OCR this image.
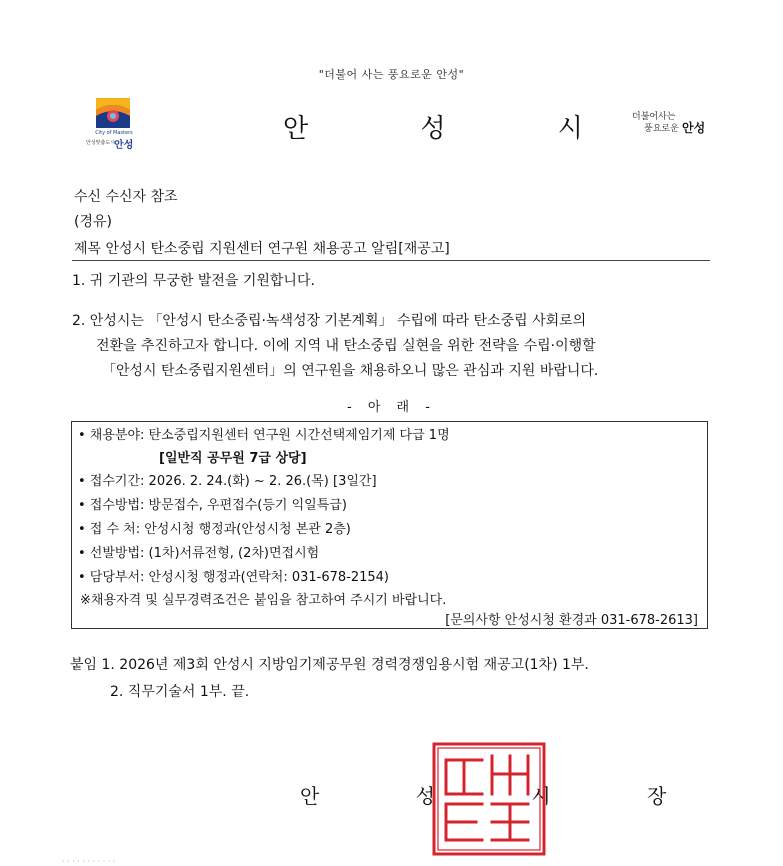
"더불어 사는 풍요로운 안성"
City of Masters
안성맞춤도시 안성
안 성 시
더불어사는
풍요로운 안성
수신 수신자 참조
(경유)
제목 안성시 탄소중립 지원센터 연구원 채용공고 알림[재공고]
1. 귀 기관의 무궁한 발전을 기원합니다.
2. 안성시는 「안성시 탄소중립·녹색성장 기본계획」 수립에 따라 탄소중립 사회로의
전환을 추진하고자 합니다. 이에 지역 내 탄소중립 실현을 위한 전략을 수립·이행할
「안성시 탄소중립지원센터」의 연구원을 채용하오니 많은 관심과 지원 바랍니다.
- 아 래 -
• 채용분야: 탄소중립지원센터 연구원 시간선택제임기제 다급 1명
[일반직 공무원 7급 상당]
• 접수기간: 2026. 2. 24.(화) ~ 2. 26.(목) [3일간]
• 접수방법: 방문접수, 우편접수(등기 익일특급)
• 접 수 처: 안성시청 행정과(안성시청 본관 2층)
• 선발방법: (1차)서류전형, (2차)면접시험
• 담당부서: 안성시청 행정과(연락처: 031-678-2154)
※채용자격 및 실무경력조건은 붙임을 참고하여 주시기 바랍니다.
[문의사항 안성시청 환경과 031-678-2613]
붙임 1. 2026년 제3회 안성시 지방임기제공무원 경력경쟁임용시험 재공고(1차) 1부.
2. 직무기술서 1부. 끝.
안 성 시 장
· · · · · · · · · · ·
